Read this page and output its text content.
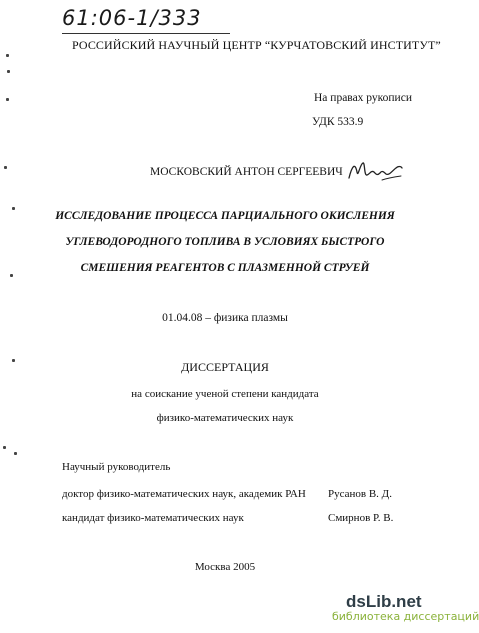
61:06-1/333
РОССИЙСКИЙ НАУЧНЫЙ ЦЕНТР “КУРЧАТОВСКИЙ ИНСТИТУТ”
На правах рукописи
УДК 533.9
МОСКОВСКИЙ АНТОН СЕРГЕЕВИЧ
ИССЛЕДОВАНИЕ ПРОЦЕССА ПАРЦИАЛЬНОГО ОКИСЛЕНИЯ
УГЛЕВОДОРОДНОГО ТОПЛИВА В УСЛОВИЯХ БЫСТРОГО
СМЕШЕНИЯ РЕАГЕНТОВ С ПЛАЗМЕННОЙ СТРУЕЙ
01.04.08 – физика плазмы
ДИССЕРТАЦИЯ
на соискание ученой степени кандидата
физико-математических наук
Научный руководитель
доктор физико-математических наук, академик РАН Русанов В. Д.
кандидат физико-математических наук	Смирнов Р. В.
Москва 2005
dsLib.net
библиотека диссертаций
